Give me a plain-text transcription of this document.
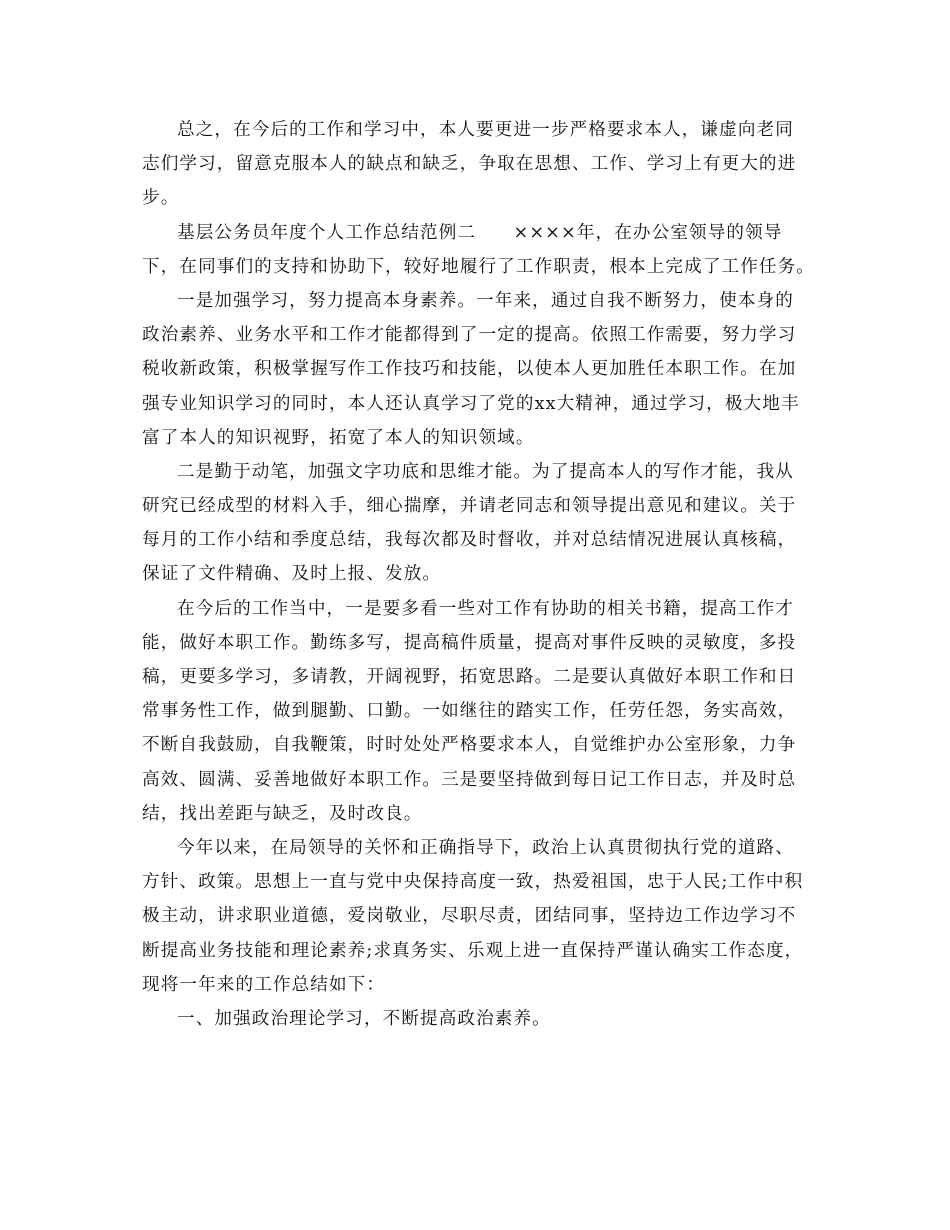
总之，在今后的工作和学习中，本人要更进一步严格要求本人，谦虚向老同
志们学习，留意克服本人的缺点和缺乏，争取在思想、工作、学习上有更大的进
步。
基层公务员年度个人工作总结范例二　　××××年，在办公室领导的领导
下，在同事们的支持和协助下，较好地履行了工作职责，根本上完成了工作任务。
一是加强学习，努力提高本身素养。一年来，通过自我不断努力，使本身的
政治素养、业务水平和工作才能都得到了一定的提高。依照工作需要，努力学习
税收新政策，积极掌握写作工作技巧和技能，以使本人更加胜任本职工作。在加
强专业知识学习的同时，本人还认真学习了党的xx大精神，通过学习，极大地丰
富了本人的知识视野，拓宽了本人的知识领域。
二是勤于动笔，加强文字功底和思维才能。为了提高本人的写作才能，我从
研究已经成型的材料入手，细心揣摩，并请老同志和领导提出意见和建议。关于
每月的工作小结和季度总结，我每次都及时督收，并对总结情况进展认真核稿，
保证了文件精确、及时上报、发放。
在今后的工作当中，一是要多看一些对工作有协助的相关书籍，提高工作才
能，做好本职工作。勤练多写，提高稿件质量，提高对事件反映的灵敏度，多投
稿，更要多学习，多请教，开阔视野，拓宽思路。二是要认真做好本职工作和日
常事务性工作，做到腿勤、口勤。一如继往的踏实工作，任劳任怨，务实高效，
不断自我鼓励，自我鞭策，时时处处严格要求本人，自觉维护办公室形象，力争
高效、圆满、妥善地做好本职工作。三是要坚持做到每日记工作日志，并及时总
结，找出差距与缺乏，及时改良。
今年以来，在局领导的关怀和正确指导下，政治上认真贯彻执行党的道路、
方针、政策。思想上一直与党中央保持高度一致，热爱祖国，忠于人民;工作中积
极主动，讲求职业道德，爱岗敬业，尽职尽责，团结同事，坚持边工作边学习不
断提高业务技能和理论素养;求真务实、乐观上进一直保持严谨认确实工作态度，
现将一年来的工作总结如下：
一、加强政治理论学习，不断提高政治素养。
